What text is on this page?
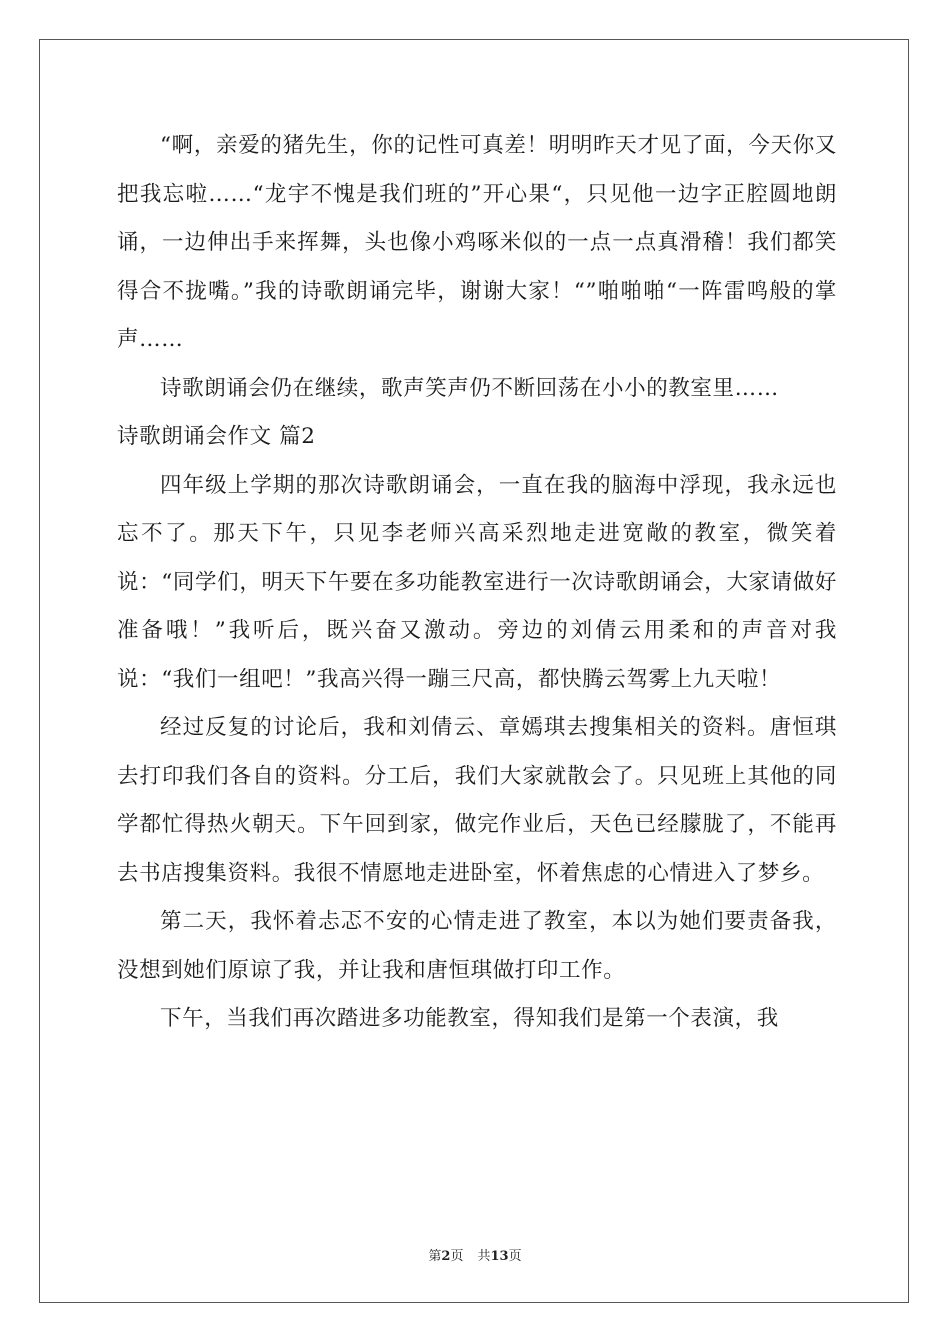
“啊，亲爱的猪先生，你的记性可真差！明明昨天才见了面，今天你又把我忘啦……“龙宇不愧是我们班的”开心果“，只见他一边字正腔圆地朗诵，一边伸出手来挥舞，头也像小鸡啄米似的一点一点真滑稽！我们都笑得合不拢嘴。”我的诗歌朗诵完毕，谢谢大家！“”啪啪啪“一阵雷鸣般的掌声……

诗歌朗诵会仍在继续，歌声笑声仍不断回荡在小小的教室里……

诗歌朗诵会作文 篇2

四年级上学期的那次诗歌朗诵会，一直在我的脑海中浮现，我永远也忘不了。那天下午，只见李老师兴高采烈地走进宽敞的教室，微笑着说：“同学们，明天下午要在多功能教室进行一次诗歌朗诵会，大家请做好准备哦！”我听后，既兴奋又激动。旁边的刘倩云用柔和的声音对我说：“我们一组吧！”我高兴得一蹦三尺高，都快腾云驾雾上九天啦！

经过反复的讨论后，我和刘倩云、章嫣琪去搜集相关的资料。唐恒琪去打印我们各自的资料。分工后，我们大家就散会了。只见班上其他的同学都忙得热火朝天。下午回到家，做完作业后，天色已经朦胧了，不能再去书店搜集资料。我很不情愿地走进卧室，怀着焦虑的心情进入了梦乡。

第二天，我怀着忐忑不安的心情走进了教室，本以为她们要责备我，没想到她们原谅了我，并让我和唐恒琪做打印工作。

下午，当我们再次踏进多功能教室，得知我们是第一个表演，我

第2页 共13页
